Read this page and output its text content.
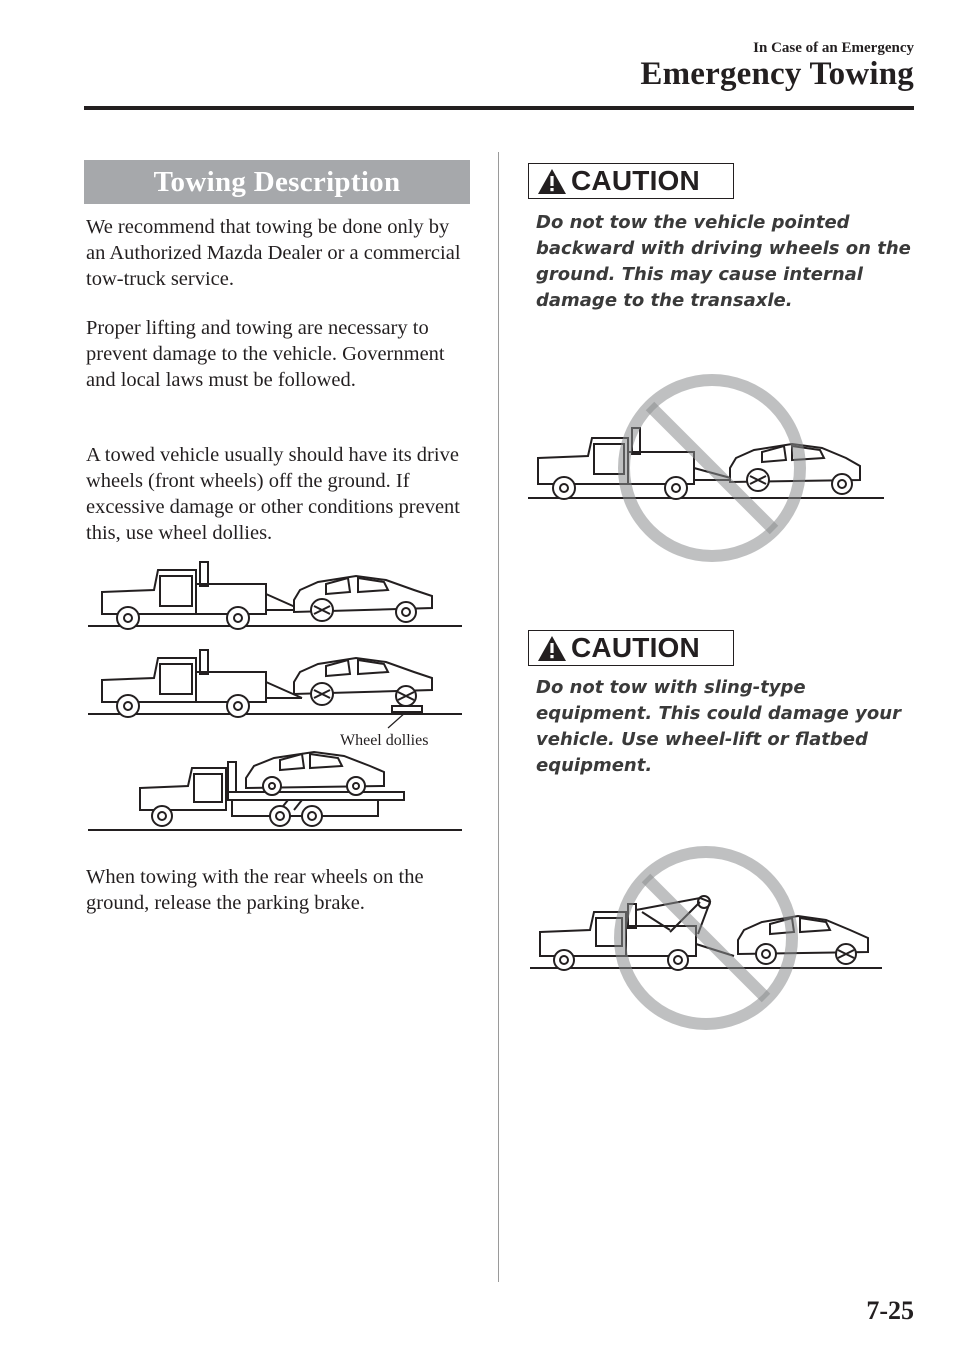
In Case of an Emergency
Emergency Towing
Towing Description

We recommend that towing be done only by an Authorized Mazda Dealer or a commercial tow-truck service.

Proper lifting and towing are necessary to prevent damage to the vehicle. Government and local laws must be followed.

A towed vehicle usually should have its drive wheels (front wheels) off the ground. If excessive damage or other conditions prevent this, use wheel dollies.

Wheel dollies

When towing with the rear wheels on the ground, release the parking brake.

CAUTION

Do not tow the vehicle pointed backward with driving wheels on the ground. This may cause internal damage to the transaxle.

CAUTION

Do not tow with sling-type equipment. This could damage your vehicle. Use wheel-lift or flatbed equipment.

7-25
